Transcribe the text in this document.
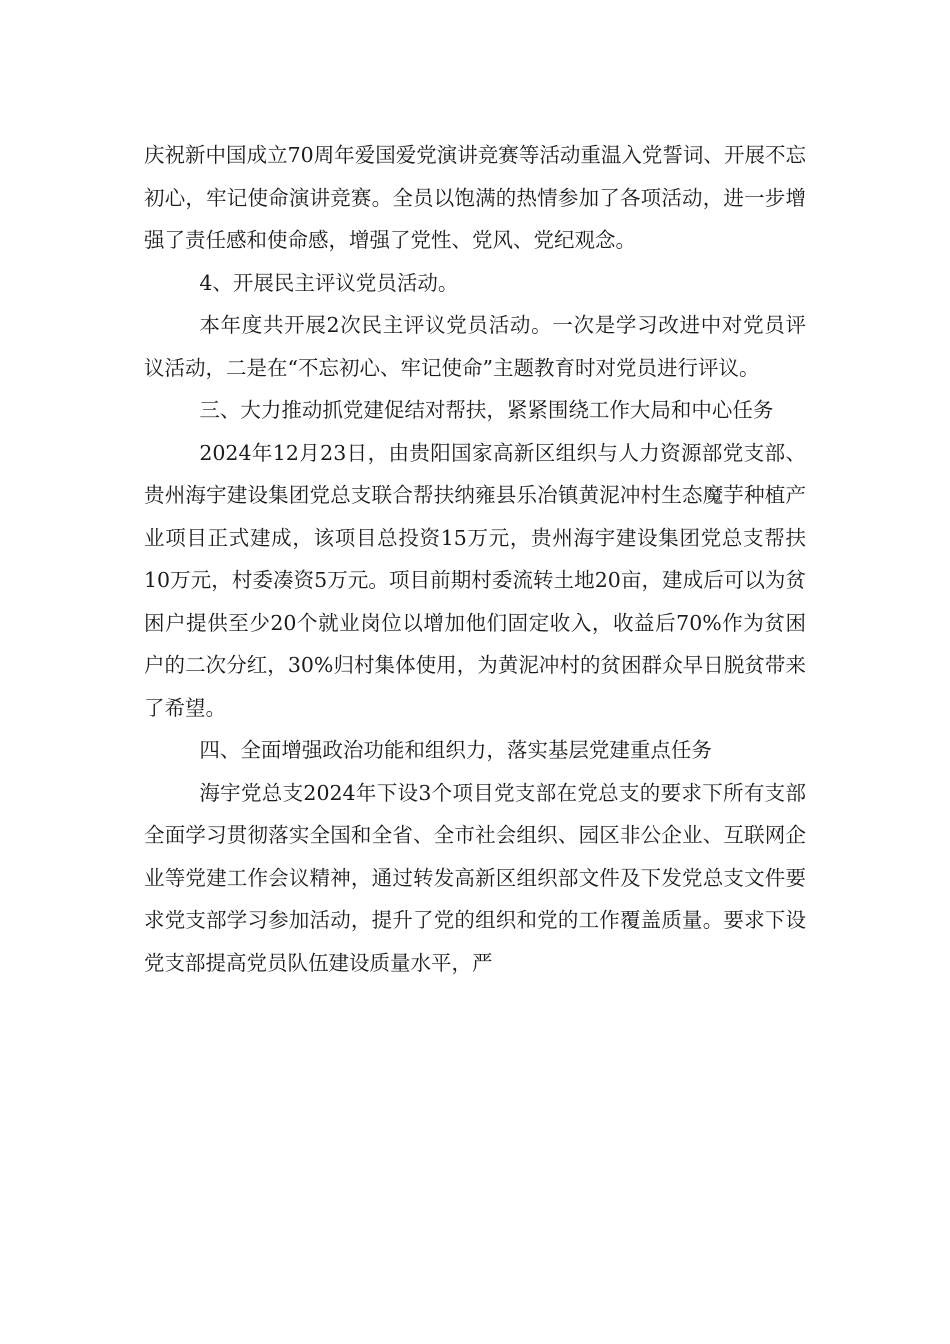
庆祝新中国成立70周年爱国爱党演讲竞赛等活动重温入党誓词、开展不忘初心，牢记使命演讲竞赛。全员以饱满的热情参加了各项活动，进一步增强了责任感和使命感，增强了党性、党风、党纪观念。

4、开展民主评议党员活动。

本年度共开展2次民主评议党员活动。一次是学习改进中对党员评议活动，二是在“不忘初心、牢记使命”主题教育时对党员进行评议。

三、大力推动抓党建促结对帮扶，紧紧围绕工作大局和中心任务

2024年12月23日，由贵阳国家高新区组织与人力资源部党支部、贵州海宇建设集团党总支联合帮扶纳雍县乐冶镇黄泥冲村生态魔芋种植产业项目正式建成，该项目总投资15万元，贵州海宇建设集团党总支帮扶10万元，村委凑资5万元。项目前期村委流转土地20亩，建成后可以为贫困户提供至少20个就业岗位以增加他们固定收入，收益后70%作为贫困户的二次分红，30%归村集体使用，为黄泥冲村的贫困群众早日脱贫带来了希望。

四、全面增强政治功能和组织力，落实基层党建重点任务

海宇党总支2024年下设3个项目党支部在党总支的要求下所有支部全面学习贯彻落实全国和全省、全市社会组织、园区非公企业、互联网企业等党建工作会议精神，通过转发高新区组织部文件及下发党总支文件要求党支部学习参加活动，提升了党的组织和党的工作覆盖质量。要求下设党支部提高党员队伍建设质量水平，严
